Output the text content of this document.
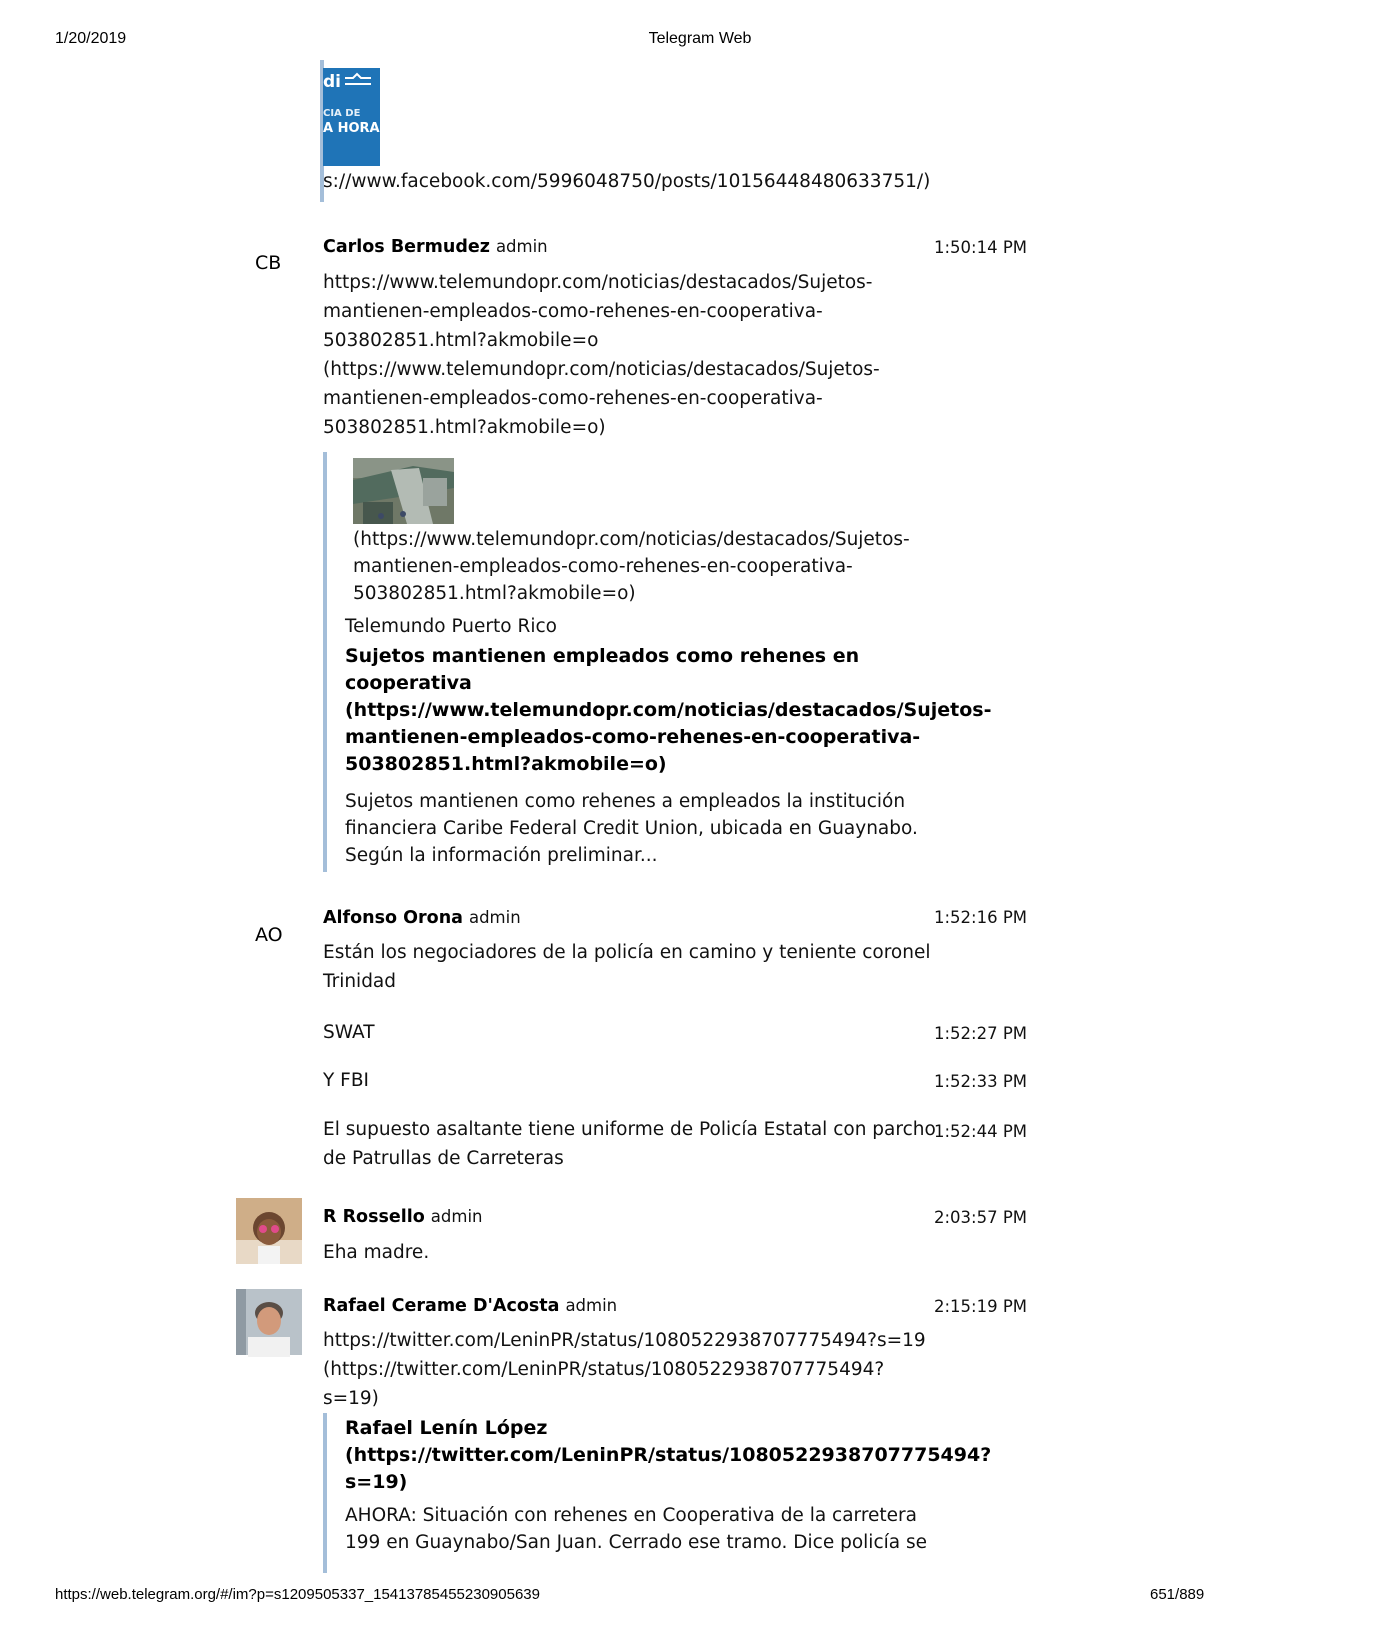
1/20/2019	Telegram Web
di
CIA DE
A HORA
s://www.facebook.com/5996048750/posts/10156448480633751/)
CB
Carlos Bermudez admin	1:50:14 PM
https://www.telemundopr.com/noticias/destacados/Sujetos-
mantienen-empleados-como-rehenes-en-cooperativa-
503802851.html?akmobile=o
(https://www.telemundopr.com/noticias/destacados/Sujetos-
mantienen-empleados-como-rehenes-en-cooperativa-
503802851.html?akmobile=o)
(https://www.telemundopr.com/noticias/destacados/Sujetos-
mantienen-empleados-como-rehenes-en-cooperativa-
503802851.html?akmobile=o)
Telemundo Puerto Rico
Sujetos mantienen empleados como rehenes en
cooperativa
(https://www.telemundopr.com/noticias/destacados/Sujetos-
mantienen-empleados-como-rehenes-en-cooperativa-
503802851.html?akmobile=o)
Sujetos mantienen como rehenes a empleados la institución
financiera Caribe Federal Credit Union, ubicada en Guaynabo.
Según la información preliminar...
AO
Alfonso Orona admin	1:52:16 PM
Están los negociadores de la policía en camino y teniente coronel
Trinidad
SWAT	1:52:27 PM
Y FBI	1:52:33 PM
El supuesto asaltante tiene uniforme de Policía Estatal con parcho
de Patrullas de Carreteras
1:52:44 PM
R Rossello admin	2:03:57 PM
Eha madre.
Rafael Cerame D'Acosta admin	2:15:19 PM
https://twitter.com/LeninPR/status/1080522938707775494?s=19
(https://twitter.com/LeninPR/status/1080522938707775494?
s=19)
Rafael Lenín López
(https://twitter.com/LeninPR/status/1080522938707775494?
s=19)
AHORA: Situación con rehenes en Cooperativa de la carretera
199 en Guaynabo/San Juan. Cerrado ese tramo. Dice policía se
https://web.telegram.org/#/im?p=s1209505337_15413785455230905639	651/889
